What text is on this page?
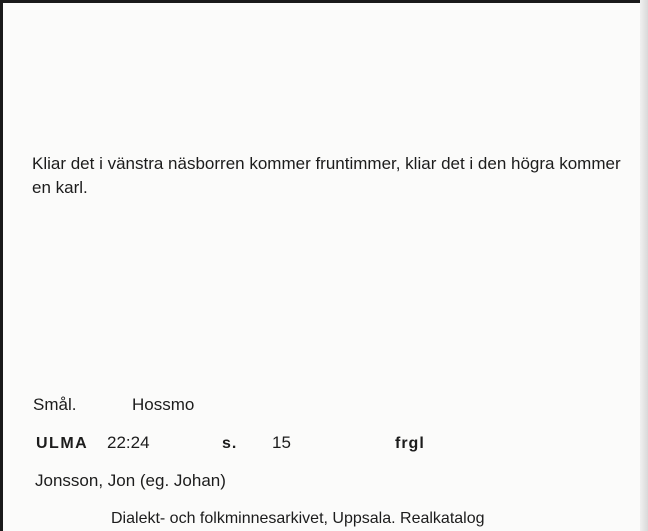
Kliar det i vänstra näsborren kommer fruntimmer, kliar det i den högra kommer en karl.

Smål.	Hossmo
ULMA 22:24	s. 15	frgl
Jonsson, Jon (eg. Johan)
Dialekt- och folkminnesarkivet, Uppsala. Realkatalog
